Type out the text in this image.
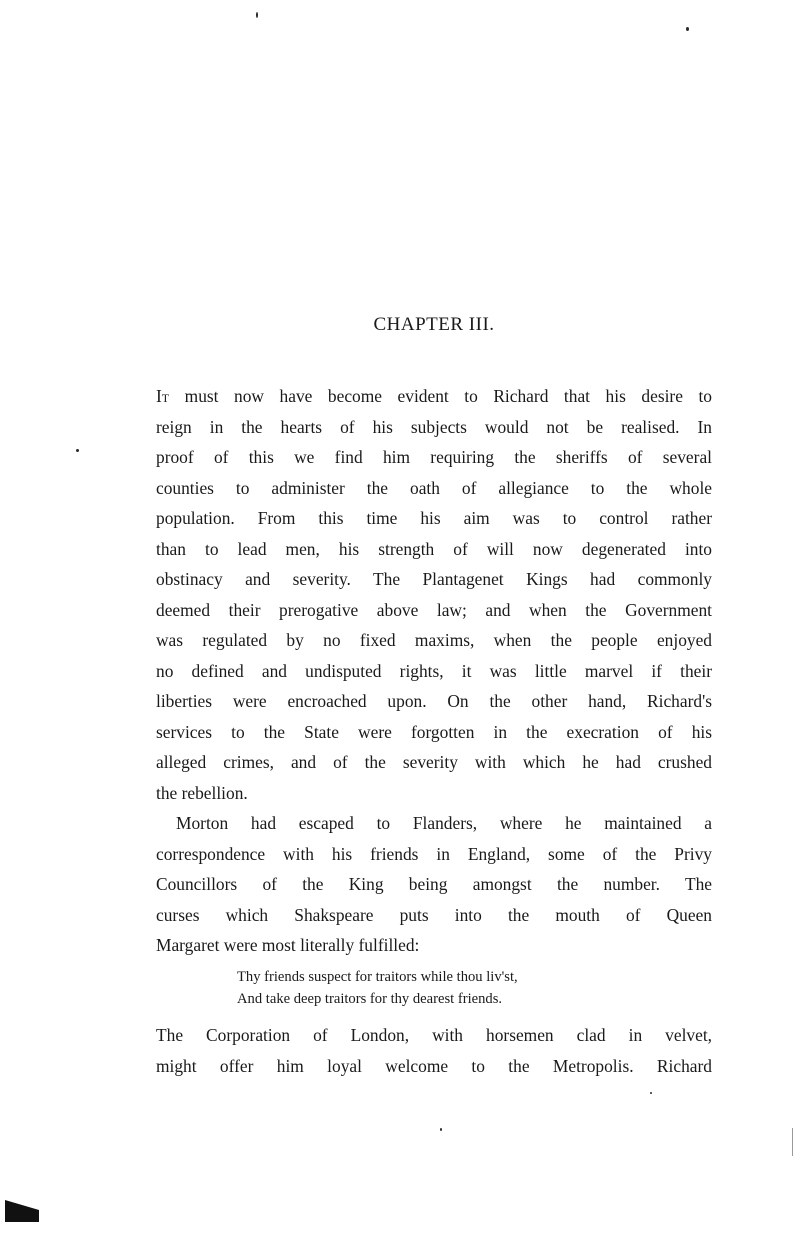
CHAPTER III.
It must now have become evident to Richard that his desire to
reign in the hearts of his subjects would not be realised. In
proof of this we find him requiring the sheriffs of several
counties to administer the oath of allegiance to the whole
population. From this time his aim was to control rather
than to lead men, his strength of will now degenerated into
obstinacy and severity. The Plantagenet Kings had commonly
deemed their prerogative above law; and when the Government
was regulated by no fixed maxims, when the people enjoyed
no defined and undisputed rights, it was little marvel if their
liberties were encroached upon. On the other hand, Richard's
services to the State were forgotten in the execration of his
alleged crimes, and of the severity with which he had crushed
the rebellion.
Morton had escaped to Flanders, where he maintained a
correspondence with his friends in England, some of the Privy
Councillors of the King being amongst the number. The
curses which Shakspeare puts into the mouth of Queen
Margaret were most literally fulfilled:
Thy friends suspect for traitors while thou liv'st,
And take deep traitors for thy dearest friends.
The Corporation of London, with horsemen clad in velvet,
might offer him loyal welcome to the Metropolis. Richard
